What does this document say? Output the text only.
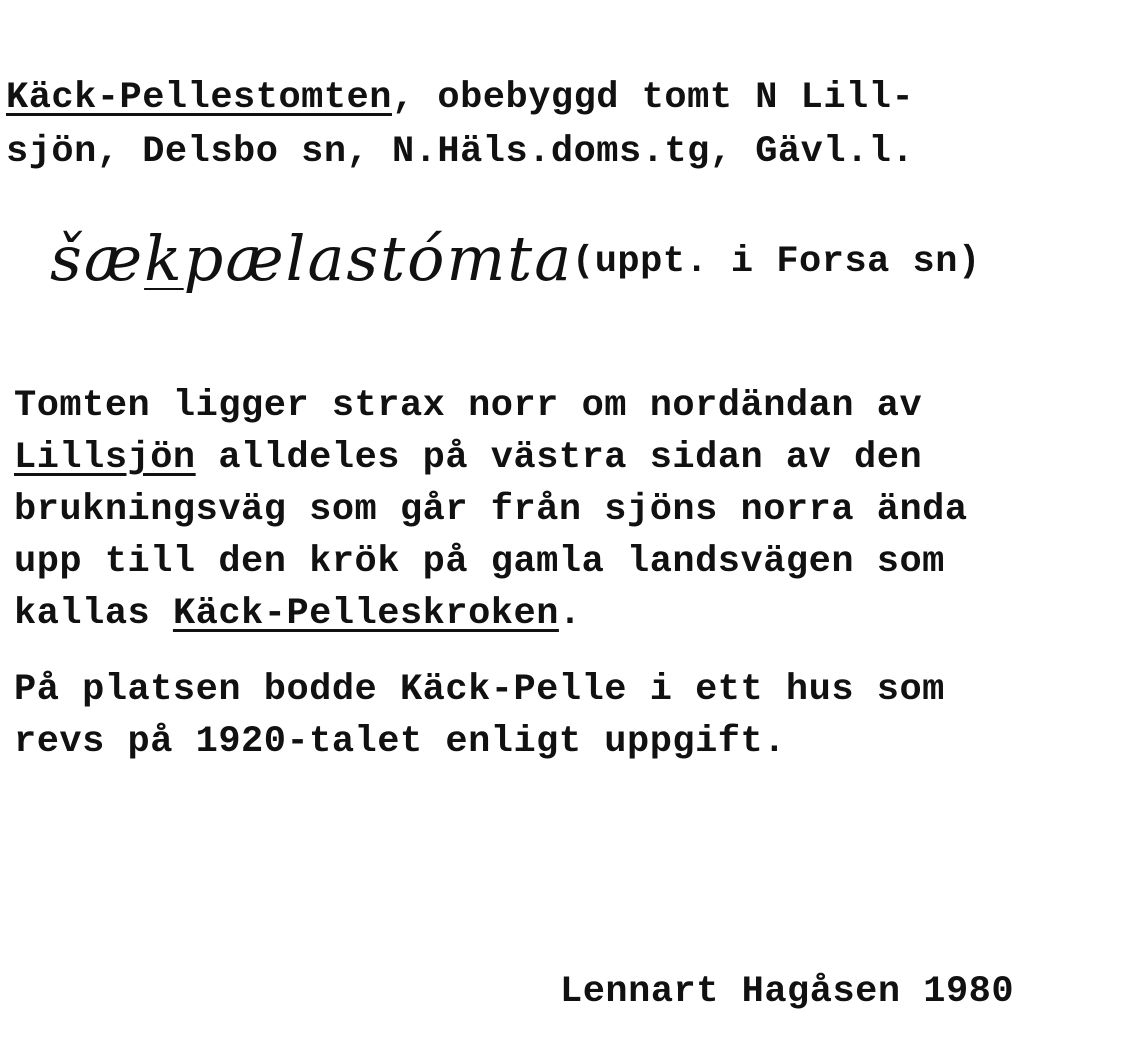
Käck-Pellestomten, obebyggd tomt N Lill-
sjön, Delsbo sn, N.Häls.doms.tg, Gävl.l.
šækpælastómta
(uppt. i Forsa sn)
Tomten ligger strax norr om nordändan av
Lillsjön alldeles på västra sidan av den
brukningsväg som går från sjöns norra ända
upp till den krök på gamla landsvägen som
kallas Käck-Pelleskroken.
På platsen bodde Käck-Pelle i ett hus som
revs på 1920-talet enligt uppgift.
Lennart Hagåsen 1980
